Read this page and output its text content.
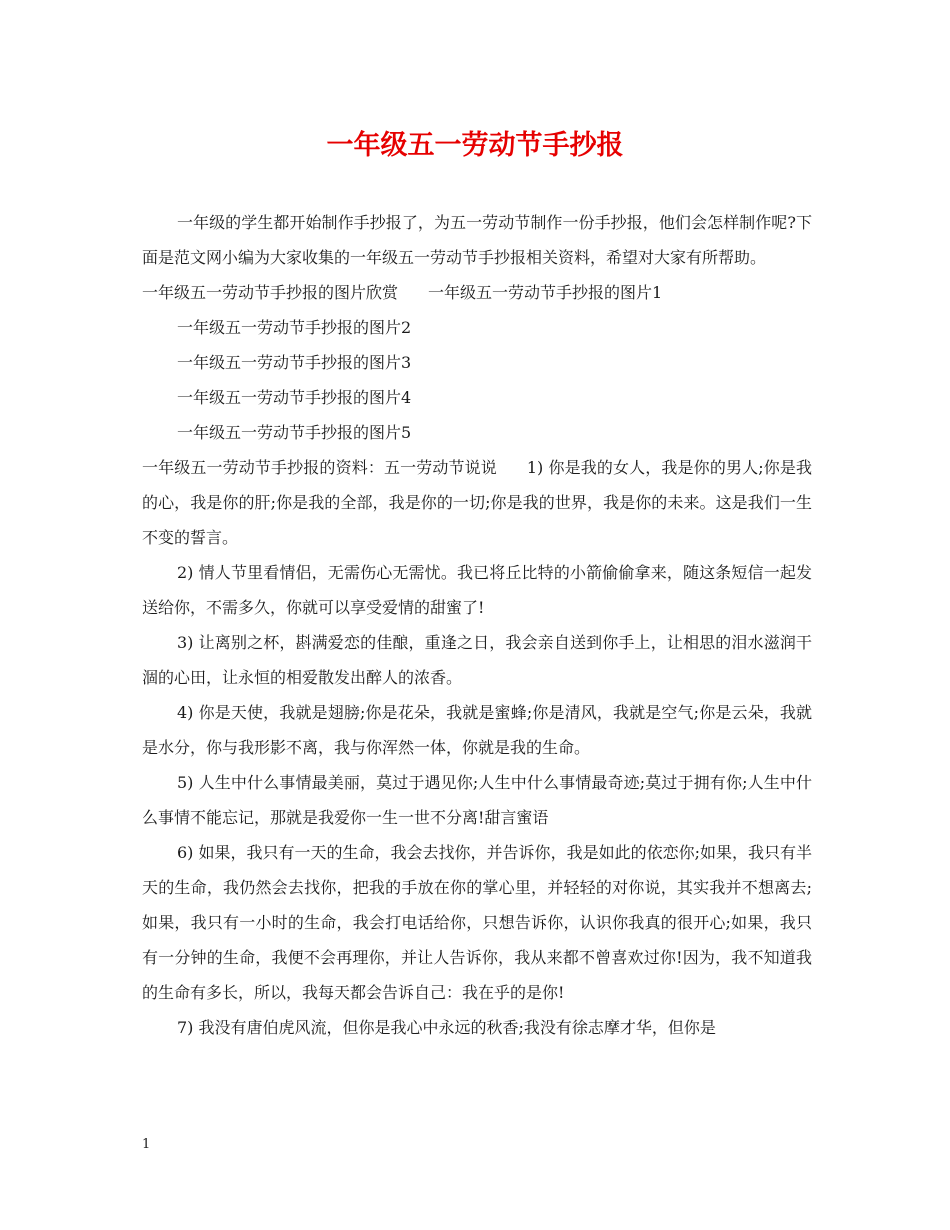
一年级五一劳动节手抄报

一年级的学生都开始制作手抄报了，为五一劳动节制作一份手抄报，他们会怎样制作呢?下面是范文网小编为大家收集的一年级五一劳动节手抄报相关资料，希望对大家有所帮助。

一年级五一劳动节手抄报的图片欣赏 一年级五一劳动节手抄报的图片1

一年级五一劳动节手抄报的图片2

一年级五一劳动节手抄报的图片3

一年级五一劳动节手抄报的图片4

一年级五一劳动节手抄报的图片5

一年级五一劳动节手抄报的资料：五一劳动节说说 1) 你是我的女人，我是你的男人;你是我的心，我是你的肝;你是我的全部，我是你的一切;你是我的世界，我是你的未来。这是我们一生不变的誓言。

2) 情人节里看情侣，无需伤心无需忧。我已将丘比特的小箭偷偷拿来，随这条短信一起发送给你，不需多久，你就可以享受爱情的甜蜜了!

3) 让离别之杯，斟满爱恋的佳酿，重逢之日，我会亲自送到你手上，让相思的泪水滋润干涸的心田，让永恒的相爱散发出醉人的浓香。

4) 你是天使，我就是翅膀;你是花朵，我就是蜜蜂;你是清风，我就是空气;你是云朵，我就是水分，你与我形影不离，我与你浑然一体，你就是我的生命。

5) 人生中什么事情最美丽，莫过于遇见你;人生中什么事情最奇迹;莫过于拥有你;人生中什么事情不能忘记，那就是我爱你一生一世不分离!甜言蜜语

6) 如果，我只有一天的生命，我会去找你，并告诉你，我是如此的依恋你;如果，我只有半天的生命，我仍然会去找你，把我的手放在你的掌心里，并轻轻的对你说，其实我并不想离去;如果，我只有一小时的生命，我会打电话给你，只想告诉你，认识你我真的很开心;如果，我只有一分钟的生命，我便不会再理你，并让人告诉你，我从来都不曾喜欢过你!因为，我不知道我的生命有多长，所以，我每天都会告诉自己：我在乎的是你!

7) 我没有唐伯虎风流，但你是我心中永远的秋香;我没有徐志摩才华，但你是

1
